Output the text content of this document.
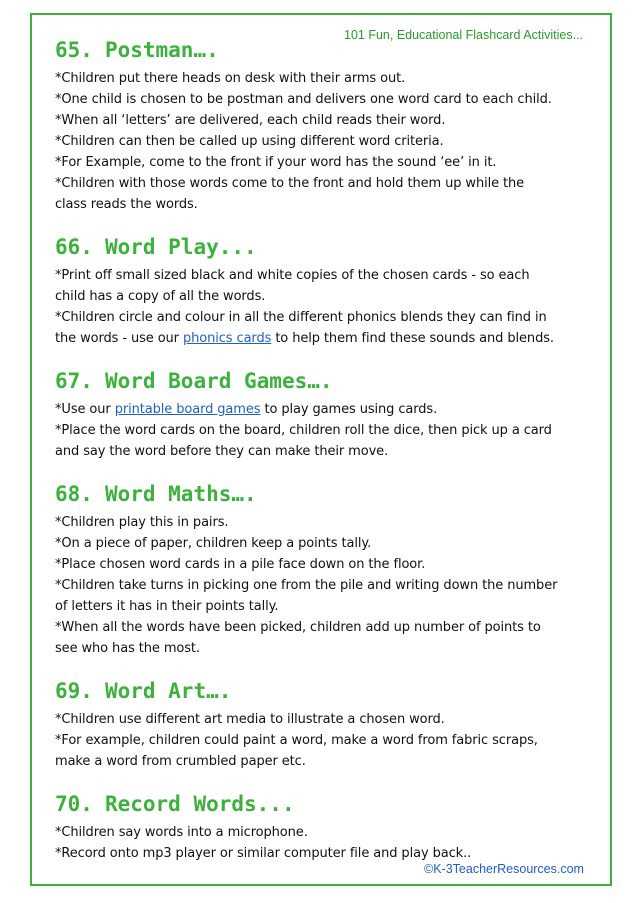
101 Fun, Educational Flashcard Activities...
65. Postman….

*Children put there heads on desk with their arms out.

*One child is chosen to be postman and delivers one word card to each child.

*When all ‘letters’ are delivered, each child reads their word.

*Children can then be called up using different word criteria.

*For Example, come to the front if your word has the sound ‘ee’ in it.

*Children with those words come to the front and hold them up while the

class reads the words.

66. Word Play...

*Print off small sized black and white copies of the chosen cards - so each

child has a copy of all the words.

*Children circle and colour in all the different phonics blends they can find in

the words - use our phonics cards to help them find these sounds and blends.

67. Word Board Games….

*Use our printable board games to play games using cards.

*Place the word cards on the board, children roll the dice, then pick up a card

and say the word before they can make their move.

68. Word Maths….

*Children play this in pairs.

*On a piece of paper, children keep a points tally.

*Place chosen word cards in a pile face down on the floor.

*Children take turns in picking one from the pile and writing down the number

of letters it has in their points tally.

*When all the words have been picked, children add up number of points to

see who has the most.

69. Word Art….

*Children use different art media to illustrate a chosen word.

*For example, children could paint a word, make a word from fabric scraps,

make a word from crumbled paper etc.

70. Record Words...

*Children say words into a microphone.

*Record onto mp3 player or similar computer file and play back..

©K-3TeacherResources.com
